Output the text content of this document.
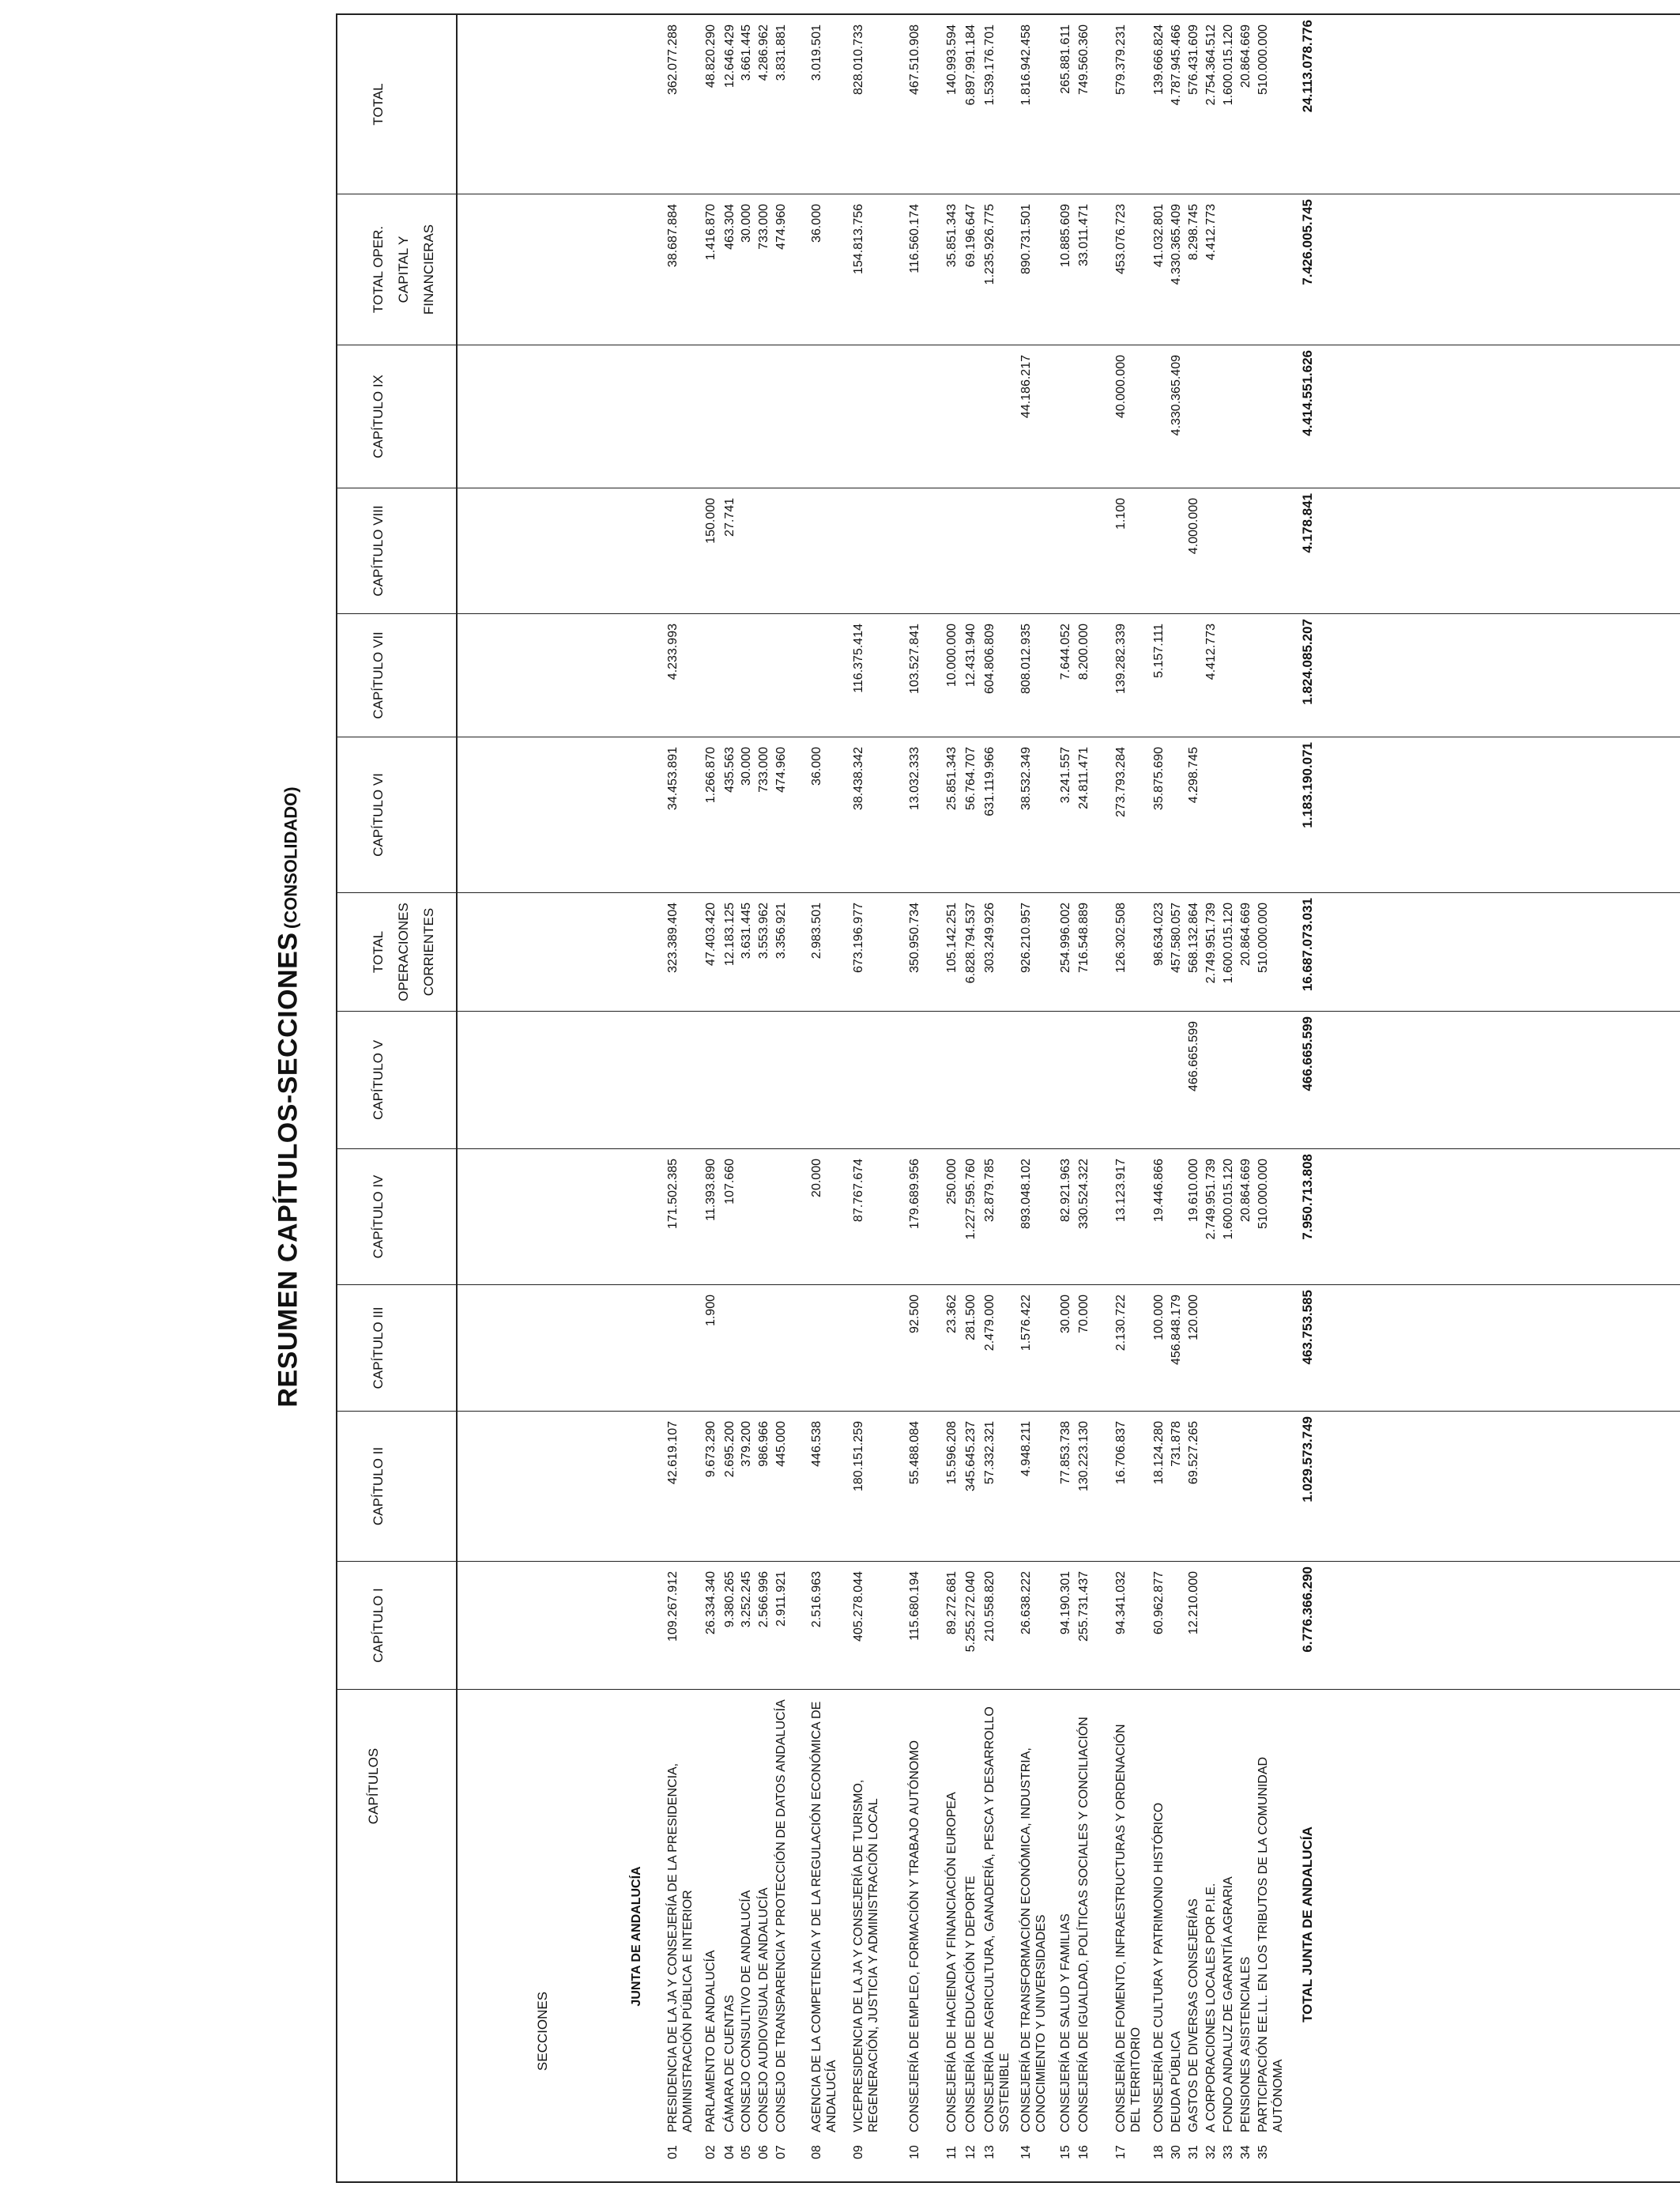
RESUMEN CAPÍTULOS-SECCIONES (CONSOLIDADO)
CAPÍTULOS
SECCIONES
CAPÍTULO I
CAPÍTULO II
CAPÍTULO III
CAPÍTULO IV
CAPÍTULO V
TOTAL OPERACIONES CORRIENTES
CAPÍTULO VI
CAPÍTULO VII
CAPÍTULO VIII
CAPÍTULO IX
TOTAL OPER. CAPITAL Y FINANCIERAS
TOTAL
JUNTA DE ANDALUCÍA
01
PRESIDENCIA DE LA JA Y CONSEJERÍA DE LA PRESIDENCIA, ADMINISTRACIÓN PÚBLICA E INTERIOR
109.267.912
42.619.107
171.502.385
323.389.404
34.453.891
4.233.993
38.687.884
362.077.288
02
PARLAMENTO DE ANDALUCÍA
26.334.340
9.673.290
1.900
11.393.890
47.403.420
1.266.870
150.000
1.416.870
48.820.290
04
CÁMARA DE CUENTAS
9.380.265
2.695.200
107.660
12.183.125
435.563
27.741
463.304
12.646.429
05
CONSEJO CONSULTIVO DE ANDALUCÍA
3.252.245
379.200
3.631.445
30.000
30.000
3.661.445
06
CONSEJO AUDIOVISUAL DE ANDALUCÍA
2.566.996
986.966
3.553.962
733.000
733.000
4.286.962
07
CONSEJO DE TRANSPARENCIA Y PROTECCIÓN DE DATOS ANDALUCÍA
2.911.921
445.000
3.356.921
474.960
474.960
3.831.881
08
AGENCIA DE LA COMPETENCIA Y DE LA REGULACIÓN ECONÓMICA DE ANDALUCÍA
2.516.963
446.538
20.000
2.983.501
36.000
36.000
3.019.501
09
VICEPRESIDENCIA DE LA JA Y CONSEJERÍA DE TURISMO, REGENERACIÓN, JUSTICIA Y ADMINISTRACIÓN LOCAL
405.278.044
180.151.259
87.767.674
673.196.977
38.438.342
116.375.414
154.813.756
828.010.733
10
CONSEJERÍA DE EMPLEO, FORMACIÓN Y TRABAJO AUTÓNOMO
115.680.194
55.488.084
92.500
179.689.956
350.950.734
13.032.333
103.527.841
116.560.174
467.510.908
11
CONSEJERÍA DE HACIENDA Y FINANCIACIÓN EUROPEA
89.272.681
15.596.208
23.362
250.000
105.142.251
25.851.343
10.000.000
35.851.343
140.993.594
12
CONSEJERÍA DE EDUCACIÓN Y DEPORTE
5.255.272.040
345.645.237
281.500
1.227.595.760
6.828.794.537
56.764.707
12.431.940
69.196.647
6.897.991.184
13
CONSEJERÍA DE AGRICULTURA, GANADERÍA, PESCA Y DESARROLLO SOSTENIBLE
210.558.820
57.332.321
2.479.000
32.879.785
303.249.926
631.119.966
604.806.809
1.235.926.775
1.539.176.701
14
CONSEJERÍA DE TRANSFORMACIÓN ECONÓMICA, INDUSTRIA, CONOCIMIENTO Y UNIVERSIDADES
26.638.222
4.948.211
1.576.422
893.048.102
926.210.957
38.532.349
808.012.935
44.186.217
890.731.501
1.816.942.458
15
CONSEJERÍA DE SALUD Y FAMILIAS
94.190.301
77.853.738
30.000
82.921.963
254.996.002
3.241.557
7.644.052
10.885.609
265.881.611
16
CONSEJERÍA DE IGUALDAD, POLÍTICAS SOCIALES Y CONCILIACIÓN
255.731.437
130.223.130
70.000
330.524.322
716.548.889
24.811.471
8.200.000
33.011.471
749.560.360
17
CONSEJERÍA DE FOMENTO, INFRAESTRUCTURAS Y ORDENACIÓN DEL TERRITORIO
94.341.032
16.706.837
2.130.722
13.123.917
126.302.508
273.793.284
139.282.339
1.100
40.000.000
453.076.723
579.379.231
18
CONSEJERÍA DE CULTURA Y PATRIMONIO HISTÓRICO
60.962.877
18.124.280
100.000
19.446.866
98.634.023
35.875.690
5.157.111
41.032.801
139.666.824
30
DEUDA PÚBLICA
731.878
456.848.179
457.580.057
4.330.365.409
4.330.365.409
4.787.945.466
31
GASTOS DE DIVERSAS CONSEJERÍAS
12.210.000
69.527.265
120.000
19.610.000
466.665.599
568.132.864
4.298.745
4.000.000
8.298.745
576.431.609
32
A CORPORACIONES LOCALES POR P.I.E.
2.749.951.739
2.749.951.739
4.412.773
4.412.773
2.754.364.512
33
FONDO ANDALUZ DE GARANTÍA AGRARIA
1.600.015.120
1.600.015.120
1.600.015.120
34
PENSIONES ASISTENCIALES
20.864.669
20.864.669
20.864.669
35
PARTICIPACIÓN EE.LL. EN LOS TRIBUTOS DE LA COMUNIDAD AUTÓNOMA
510.000.000
510.000.000
510.000.000
TOTAL JUNTA DE ANDALUCÍA
6.776.366.290
1.029.573.749
463.753.585
7.950.713.808
466.665.599
16.687.073.031
1.183.190.071
1.824.085.207
4.178.841
4.414.551.626
7.426.005.745
24.113.078.776
